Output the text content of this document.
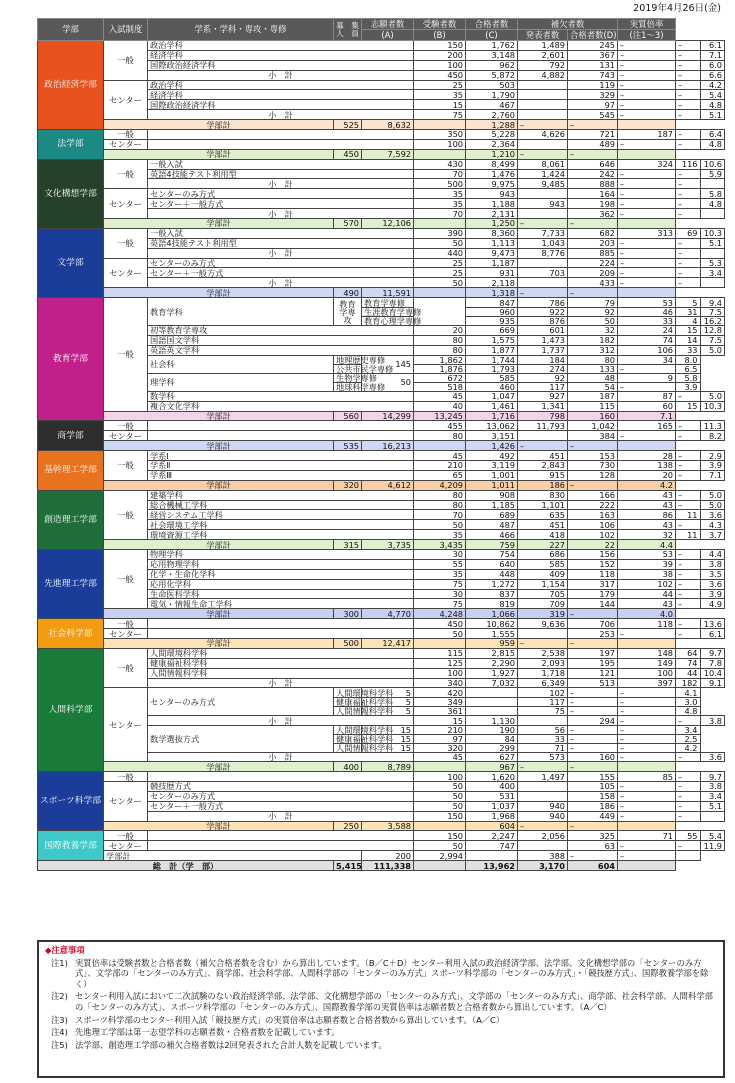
2019年4月26日(金)
学部	入試制度	学系・学科・専攻・専修	募　集
人　員	志願者数	受験者数	合格者数	補欠者数		実質倍率		
				(A)	(B)	(C)	発表者数	合格者数(D)	(注1～3)		
政治経済学部	一般	政治学科			150	1,762	1,489	245	–	–	6.1
		経済学科			200	3,148	2,601	367	–	–	7.1
		国際政治経済学科			100	962	792	131	–	–	6.0
		小　計			450	5,872	4,882	743	–	–	6.6
	センター	政治学科			25	503		119	–	–	4.2
		経済学科			35	1,790		329	–	–	5.4
		国際政治経済学科			15	467		97	–	–	4.8
		小　計			75	2,760		545	–	–	5.1
	学部計		525	8,632		1,288	–	–			
法学部	一般				350	5,228	4,626	721	187	–	6.4
	センター				100	2,364		489	–	–	4.8
	学部計		450	7,592		1,210	–	–			
文化構想学部	一般	一般入試			430	8,499	8,061	646	324	116	10.6
		英語4技能テスト利用型			70	1,476	1,424	242	–	–	5.9
		小　計			500	9,975	9,485	888	–	–	
	センター	センターのみ方式			35	943		164	–	–	5.8
		センター＋一般方式			35	1,188	943	198	–	–	4.8
		小　計			70	2,131		362	–	–	
	学部計		570	12,106		1,250	–	–			
文学部	一般	一般入試			390	8,360	7,733	682	313	69	10.3
		英語4技能テスト利用型			50	1,113	1,043	203	–	–	5.1
		小　計			440	9,473	8,776	885	–	–	
	センター	センターのみ方式			25	1,187		224	–	–	5.3
		センター＋一般方式			25	931	703	209	–	–	3.4
		小　計			50	2,118		433	–	–	
	学部計		490	11,591		1,318	–	–			
教育学部	一般	教育学科	教育学専攻	教育学専修		847	786	79	53	5	9.4
				生涯教育学専修		960	922	92	46	31	7.5
				教育心理学専修		935	876	50	33	4	16.2
		初等教育学専攻			20	669	601	32	24	15	12.8
		国語国文学科			80	1,575	1,473	182	74	14	7.5
		英語英文学科			80	1,877	1,737	312	106	33	5.0
		社会科	地理歴史専修	145	1,862	1,744	184	80	34	8.0	
			公共市民学専修		1,876	1,793	274	133	–	6.5	
		理学科	生物学専修	50	672	585	92	48	9	5.8	
			地球科学専修		518	460	117	54	–	3.9	
		数学科			45	1,047	927	187	87	–	5.0
		複合文化学科			40	1,461	1,341	115	60	15	10.3
	学部計		560	14,299	13,245	1,716	798	160	7.1		
商学部	一般				455	13,062	11,793	1,042	165	–	11.3
	センター				80	3,151		384	–	–	8.2
	学部計		535	16,213		1,426	–	–			
基幹理工学部	一般	学系Ⅰ			45	492	451	153	28	–	2.9
		学系Ⅱ			210	3,119	2,843	730	138	–	3.9
		学系Ⅲ			65	1,001	915	128	20	–	7.1
	学部計		320	4,612	4,209	1,011	186	–	4.2		
創造理工学部	一般	建築学科			80	908	830	166	43	–	5.0
		総合機械工学科			80	1,185	1,101	222	43	–	5.0
		経営システム工学科			70	689	635	163	86	11	3.6
		社会環境工学科			50	487	451	106	43	–	4.3
		環境資源工学科			35	466	418	102	32	11	3.7
	学部計		315	3,735	3,435	759	227	22	4.4		
先進理工学部	一般	物理学科			30	754	686	156	53	–	4.4
		応用物理学科			55	640	585	152	39	–	3.8
		化学・生命化学科			35	448	409	118	38	–	3.5
		応用化学科			75	1,272	1,154	317	102	–	3.6
		生命医科学科			30	837	705	179	44	–	3.9
		電気・情報生命工学科			75	819	709	144	43	–	4.9
	学部計		300	4,770	4,248	1,066	319	–	4.0		
社会科学部	一般				450	10,862	9,636	706	118	–	13.6
	センター				50	1,555		253	–	–	6.1
	学部計		500	12,417		959	–	–			
人間科学部	一般	人間環境科学科			115	2,815	2,538	197	148	64	9.7
		健康福祉科学科			125	2,290	2,093	195	149	74	7.8
		人間情報科学科			100	1,927	1,718	121	100	44	10.4
		小　計			340	7,032	6,349	513	397	182	9.1
	センター	センターのみ方式	人間環境科学科	5	420		102	–	–	4.1	
			健康福祉科学科	5	349		117	–	–	3.0	
			人間情報科学科	5	361		75	–	–	4.8	
		小　計			15	1,130		294	–	–	3.8
		数学選抜方式	人間環境科学科	15	210	190	56	–	–	3.4	
			健康福祉科学科	15	97	84	33	–	–	2.5	
			人間情報科学科	15	320	299	71	–	–	4.2	
		小　計			45	627	573	160	–	–	3.6
	学部計		400	8,789		967	–	–			
スポーツ科学部	一般				100	1,620	1,497	155	85	–	9.7
	センター	競技歴方式			50	400		105	–	–	3.8
		センターのみ方式			50	531		158	–	–	3.4
		センター＋一般方式			50	1,037	940	186	–	–	5.1
		小　計			150	1,968	940	449	–	–	
	学部計		250	3,588		604	–	–			
国際教養学部	一般				150	2,247	2,056	325	71	55	5.4
	センター				50	747		63	–	–	11.9
	学部計			200	2,994		388	–	–		
総　計（学　部）			5,415	111,338		13,962	3,170	604			
◆注意事項
注1) 実質倍率は受験者数と合格者数（補欠合格者数を含む）から算出しています。（B／C＋D）センター利用入試の政治経済学部、法学部、文化構想学部の「センターのみ方式」、文学部の「センターのみ方式」、商学部、社会科学部、人間科学部の「センターのみ方式」スポーツ科学部の「センターのみ方式」・「競技歴方式」、国際教養学部を除く）
注2) センター利用入試において二次試験のない政治経済学部、法学部、文化構想学部の「センターのみ方式」、文学部の「センターのみ方式」、商学部、社会科学部、人間科学部の「センターのみ方式」、スポーツ科学部の「センターのみ方式」、国際教養学部の実質倍率は志願者数と合格者数から算出しています。（A／C）
注3) スポーツ科学部のセンター利用入試「競技歴方式」の実質倍率は志願者数と合格者数から算出しています。（A／C）
注4) 先進理工学部は第一志望学科の志願者数・合格者数を記載しています。
注5) 法学部、創造理工学部の補欠合格者数は2回発表された合計人数を記載しています。
